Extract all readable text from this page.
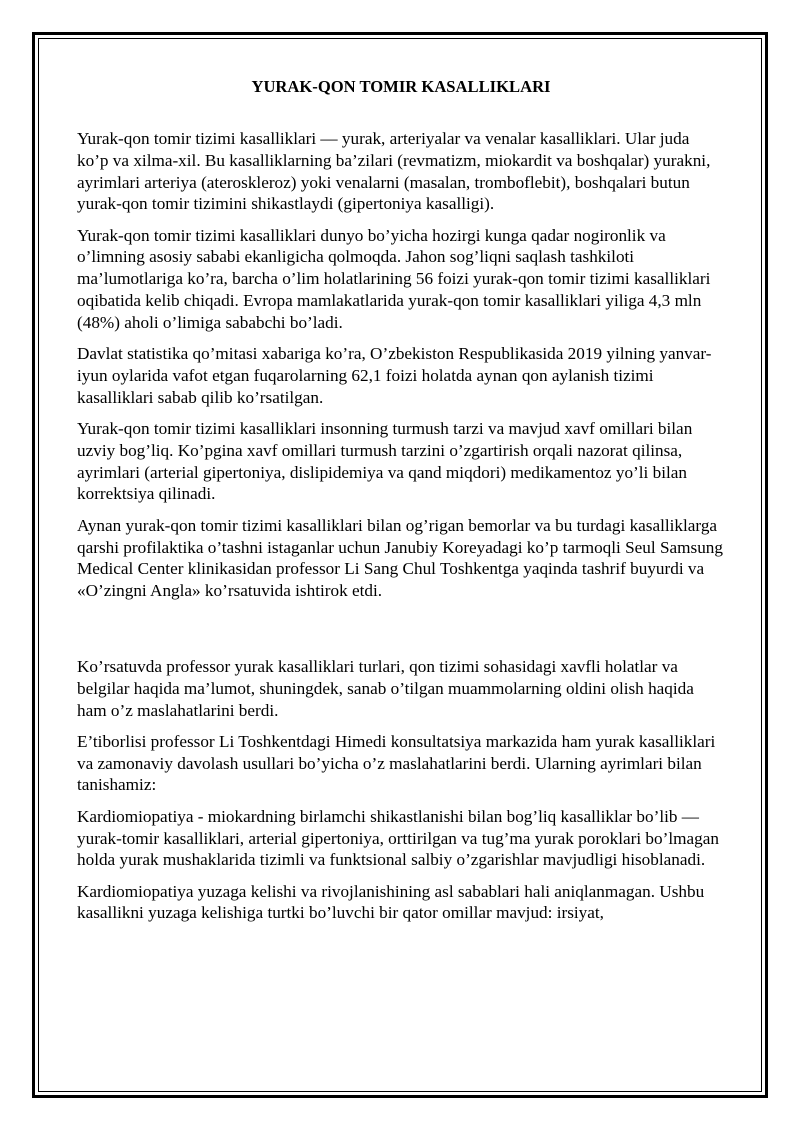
YURAK-QON TOMIR KASALLIKLARI

Yurak-qon tomir tizimi kasalliklari — yurak, arteriyalar va venalar kasalliklari. Ular juda ko’p va xilma-xil. Bu kasalliklarning ba’zilari (revmatizm, miokardit va boshqalar) yurakni, ayrimlari arteriya (ateroskleroz) yoki venalarni (masalan, tromboflebit), boshqalari butun yurak-qon tomir tizimini shikastlaydi (gipertoniya kasalligi).

Yurak-qon tomir tizimi kasalliklari dunyo bo’yicha hozirgi kunga qadar nogironlik va o’limning asosiy sababi ekanligicha qolmoqda. Jahon sog’liqni saqlash tashkiloti ma’lumotlariga ko’ra, barcha o’lim holatlarining 56 foizi yurak-qon tomir tizimi kasalliklari oqibatida kelib chiqadi. Evropa mamlakatlarida yurak-qon tomir kasalliklari yiliga 4,3 mln (48%) aholi o’limiga sababchi bo’ladi.

Davlat statistika qo’mitasi xabariga ko’ra, O’zbekiston Respublikasida 2019 yilning yanvar-iyun oylarida vafot etgan fuqarolarning 62,1 foizi holatda aynan qon aylanish tizimi kasalliklari sabab qilib ko’rsatilgan.

Yurak-qon tomir tizimi kasalliklari insonning turmush tarzi va mavjud xavf omillari bilan uzviy bog’liq. Ko’pgina xavf omillari turmush tarzini o’zgartirish orqali nazorat qilinsa, ayrimlari (arterial gipertoniya, dislipidemiya va qand miqdori) medikamentoz yo’li bilan korrektsiya qilinadi.

Aynan yurak-qon tomir tizimi kasalliklari bilan og’rigan bemorlar va bu turdagi kasalliklarga qarshi profilaktika o’tashni istaganlar uchun Janubiy Koreyadagi ko’p tarmoqli Seul Samsung Medical Center klinikasidan professor Li Sang Chul Toshkentga yaqinda tashrif buyurdi va «O’zingni Angla» ko’rsatuvida ishtirok etdi.

Ko’rsatuvda professor yurak kasalliklari turlari, qon tizimi sohasidagi xavfli holatlar va belgilar haqida ma’lumot, shuningdek, sanab o’tilgan muammolarning oldini olish haqida ham o’z maslahatlarini berdi.

E’tiborlisi professor Li Toshkentdagi Himedi konsultatsiya markazida ham yurak kasalliklari va zamonaviy davolash usullari bo’yicha o’z maslahatlarini berdi. Ularning ayrimlari bilan tanishamiz:

Kardiomiopatiya - miokardning birlamchi shikastlanishi bilan bog’liq kasalliklar bo’lib — yurak-tomir kasalliklari, arterial gipertoniya, orttirilgan va tug’ma yurak poroklari bo’lmagan holda yurak mushaklarida tizimli va funktsional salbiy o’zgarishlar mavjudligi hisoblanadi.

Kardiomiopatiya yuzaga kelishi va rivojlanishining asl sabablari hali aniqlanmagan. Ushbu kasallikni yuzaga kelishiga turtki bo’luvchi bir qator omillar mavjud: irsiyat,
